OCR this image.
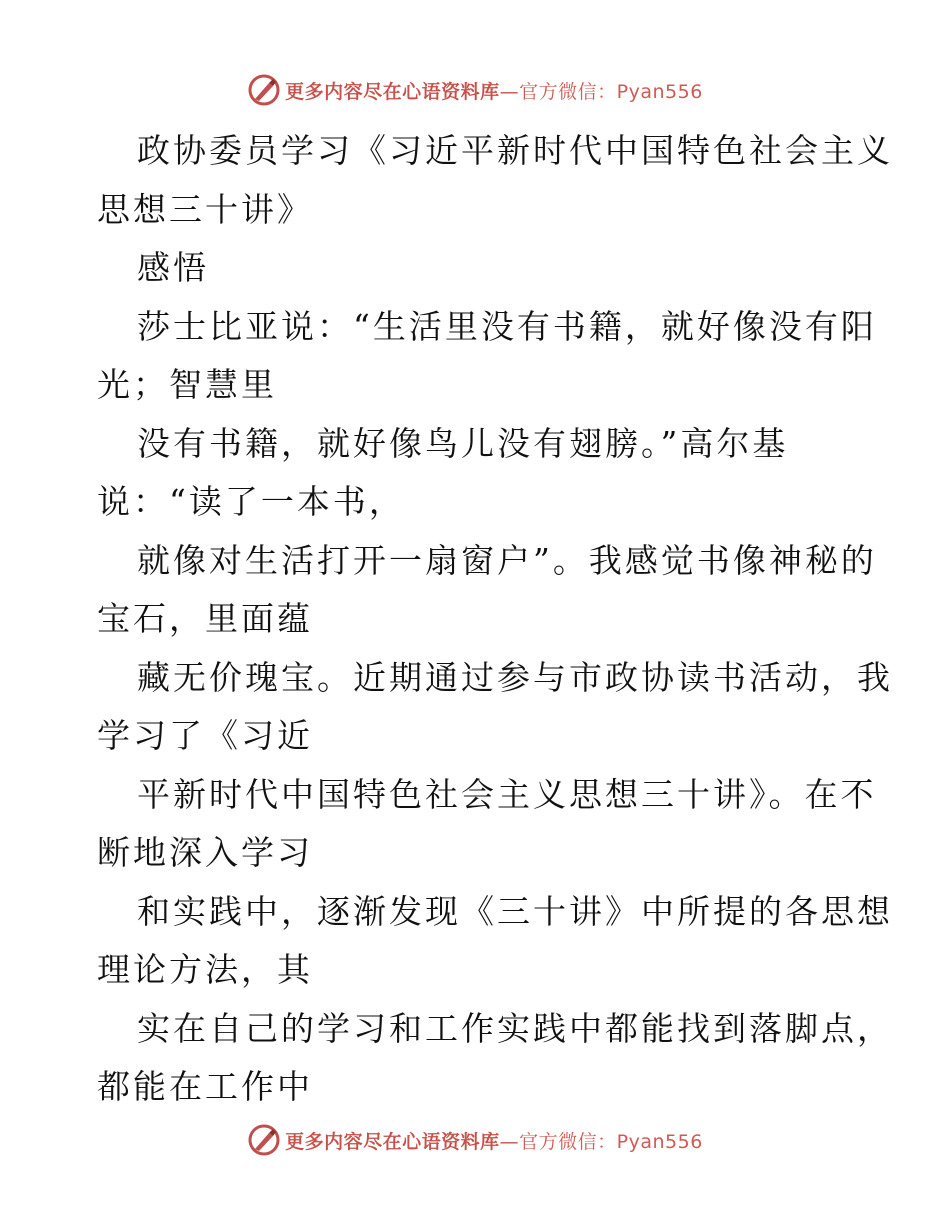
更多内容尽在心语资料库—官方微信：Pyan556
政协委员学习《习近平新时代中国特色社会主义
思想三十讲》
感悟
莎士比亚说：“生活里没有书籍，就好像没有阳
光；智慧里
没有书籍，就好像鸟儿没有翅膀。”高尔基
说：“读了一本书，
就像对生活打开一扇窗户”。我感觉书像神秘的
宝石，里面蕴
藏无价瑰宝。近期通过参与市政协读书活动，我
学习了《习近
平新时代中国特色社会主义思想三十讲》。在不
断地深入学习
和实践中，逐渐发现《三十讲》中所提的各思想
理论方法，其
实在自己的学习和工作实践中都能找到落脚点，
都能在工作中
更多内容尽在心语资料库—官方微信：Pyan556
